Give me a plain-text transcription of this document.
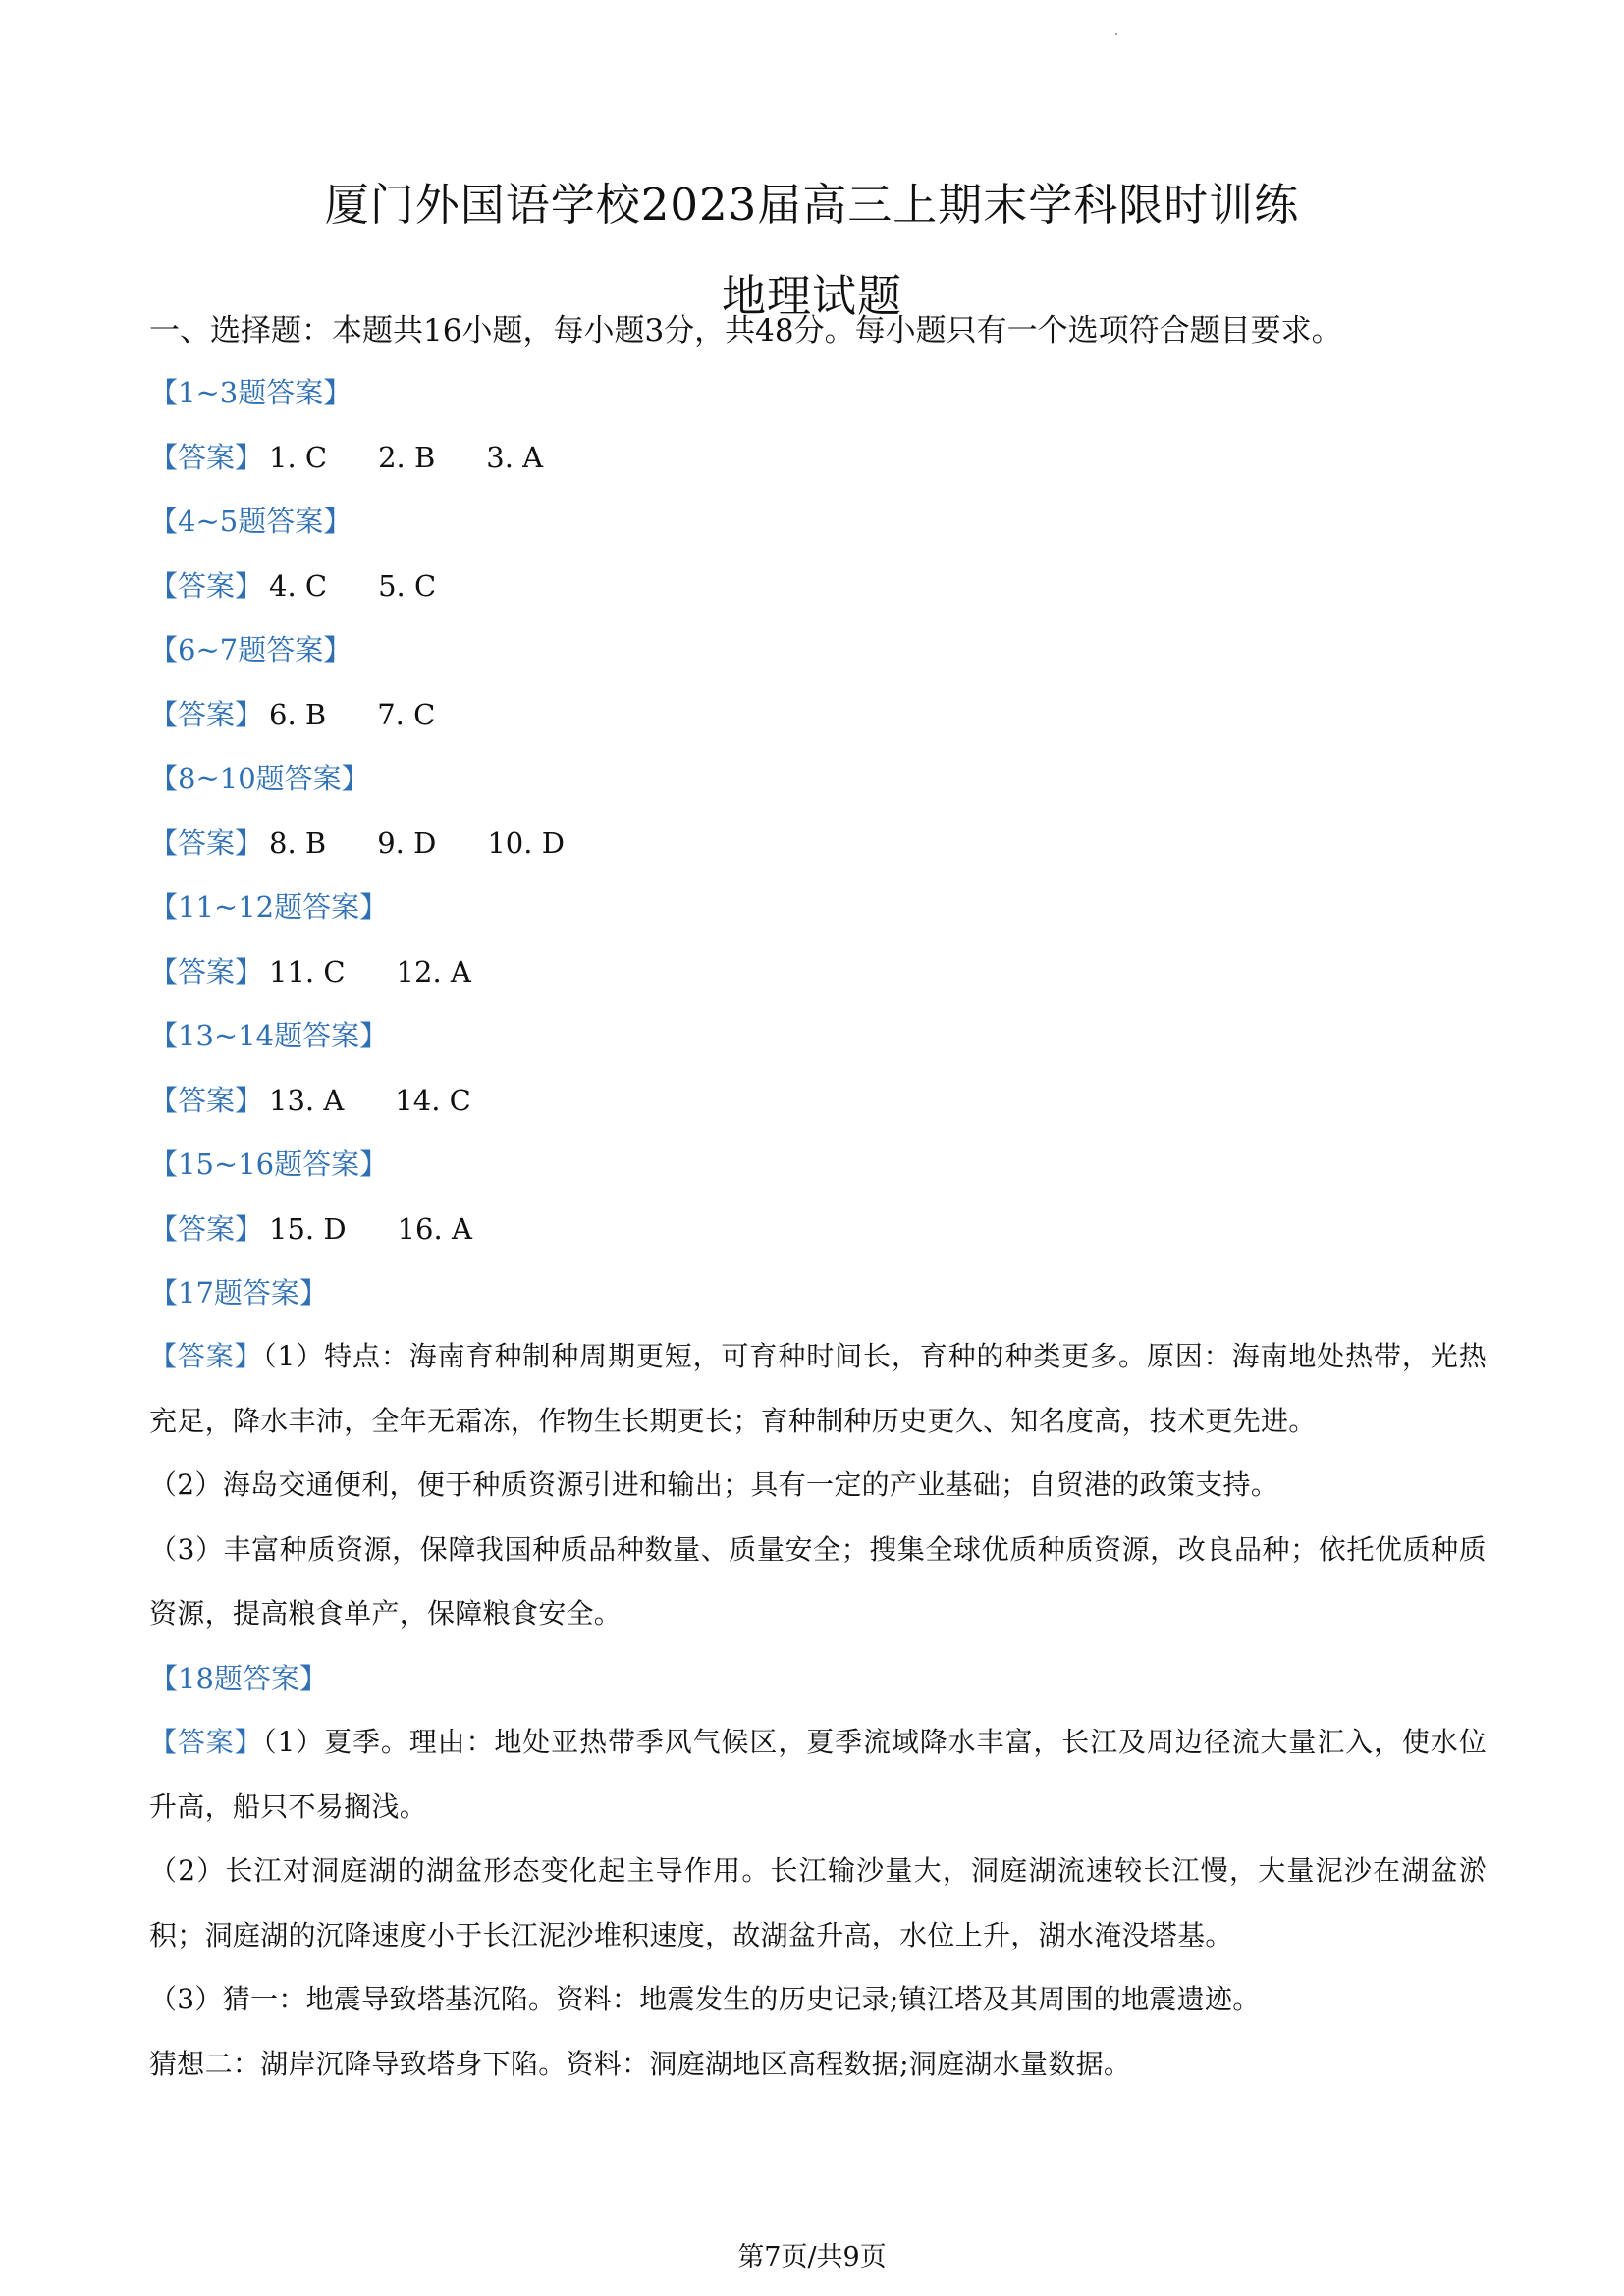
厦门外国语学校2023届高三上期末学科限时训练
地理试题
一、选择题：本题共16小题，每小题3分，共48分。每小题只有一个选项符合题目要求。
【1~3题答案】
【答案】 1. C 2. B 3. A
【4~5题答案】
【答案】 4. C 5. C
【6~7题答案】
【答案】 6. B 7. C
【8~10题答案】
【答案】 8. B 9. D 10. D
【11~12题答案】
【答案】 11. C 12. A
【13~14题答案】
【答案】 13. A 14. C
【15~16题答案】
【答案】 15. D 16. A
【17题答案】

【答案】（1）特点：海南育种制种周期更短，可育种时间长，育种的种类更多。原因：海南地处热带，光热充足，降水丰沛，全年无霜冻，作物生长期更长；育种制种历史更久、知名度高，技术更先进。

（2）海岛交通便利，便于种质资源引进和输出；具有一定的产业基础；自贸港的政策支持。

（3）丰富种质资源，保障我国种质品种数量、质量安全；搜集全球优质种质资源，改良品种；依托优质种质资源，提高粮食单产，保障粮食安全。

【18题答案】

【答案】（1）夏季。理由：地处亚热带季风气候区，夏季流域降水丰富，长江及周边径流大量汇入，使水位升高，船只不易搁浅。

（2）长江对洞庭湖的湖盆形态变化起主导作用。长江输沙量大，洞庭湖流速较长江慢，大量泥沙在湖盆淤积；洞庭湖的沉降速度小于长江泥沙堆积速度，故湖盆升高，水位上升，湖水淹没塔基。

（3）猜一：地震导致塔基沉陷。资料：地震发生的历史记录;镇江塔及其周围的地震遗迹。

猜想二：湖岸沉降导致塔身下陷。资料：洞庭湖地区高程数据;洞庭湖水量数据。

第7页/共9页
